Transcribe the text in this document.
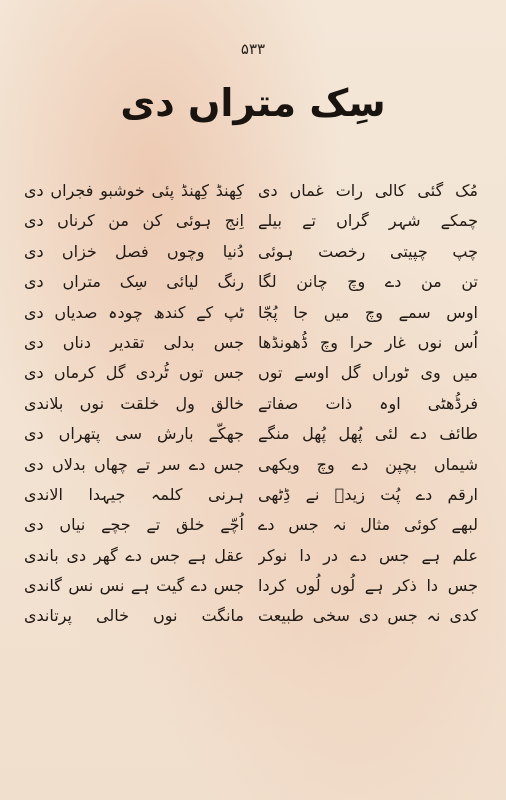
۵۳۳
سِک متراں دی
مُک گئی کالی رات غماں دی
چمکے شہر گراں تے بیلے
چپ چپیتی رخصت ہوئی
تن من دے وچ چانن لگا
اوس سمے وچ میں جا پُجّا
اُس نوں غار حرا وچ ڈُھونڈھا
میں وی ٹوراں گل اوسے توں
فرڈُھٹی اوہ ذات صفاتے
طائف دے لئی پُھل پُھل منگے
شیماں بچپن دے وچ ویکھی
ارقم دے پُت زیدؓ نے ڈِٹھی
لبھے کوئی مثال نہ جس دے
علم ہے جس دے در دا نوکر
جس دا ذکر ہے لُوں لُوں کردا
کدی نہ جس دی سخی طبیعت
کِھنڈ کِھنڈ پئی خوشبو فجراں دی
اِنج ہوئی کن من کرناں دی
دُنیا وچوں فصل خزاں دی
رنگ لیائی سِک متراں دی
ٹپ کے کندھ چودہ صدیاں دی
جس بدلی تقدیر دناں دی
جس توں ٹُردی گل کرماں دی
خالق ول خلقت نوں بلاندی
جھکّے بارش سی پتھراں دی
جس دے سر تے چھاں بدلاں دی
ہرنی کلمہ جیہدا الاندی
اُچّے خلق تے جچے نیاں دی
عقل ہے جس دے گھر دی باندی
جس دے گیت ہے نس نس گاندی
مانگت نوں خالی پرتاندی
